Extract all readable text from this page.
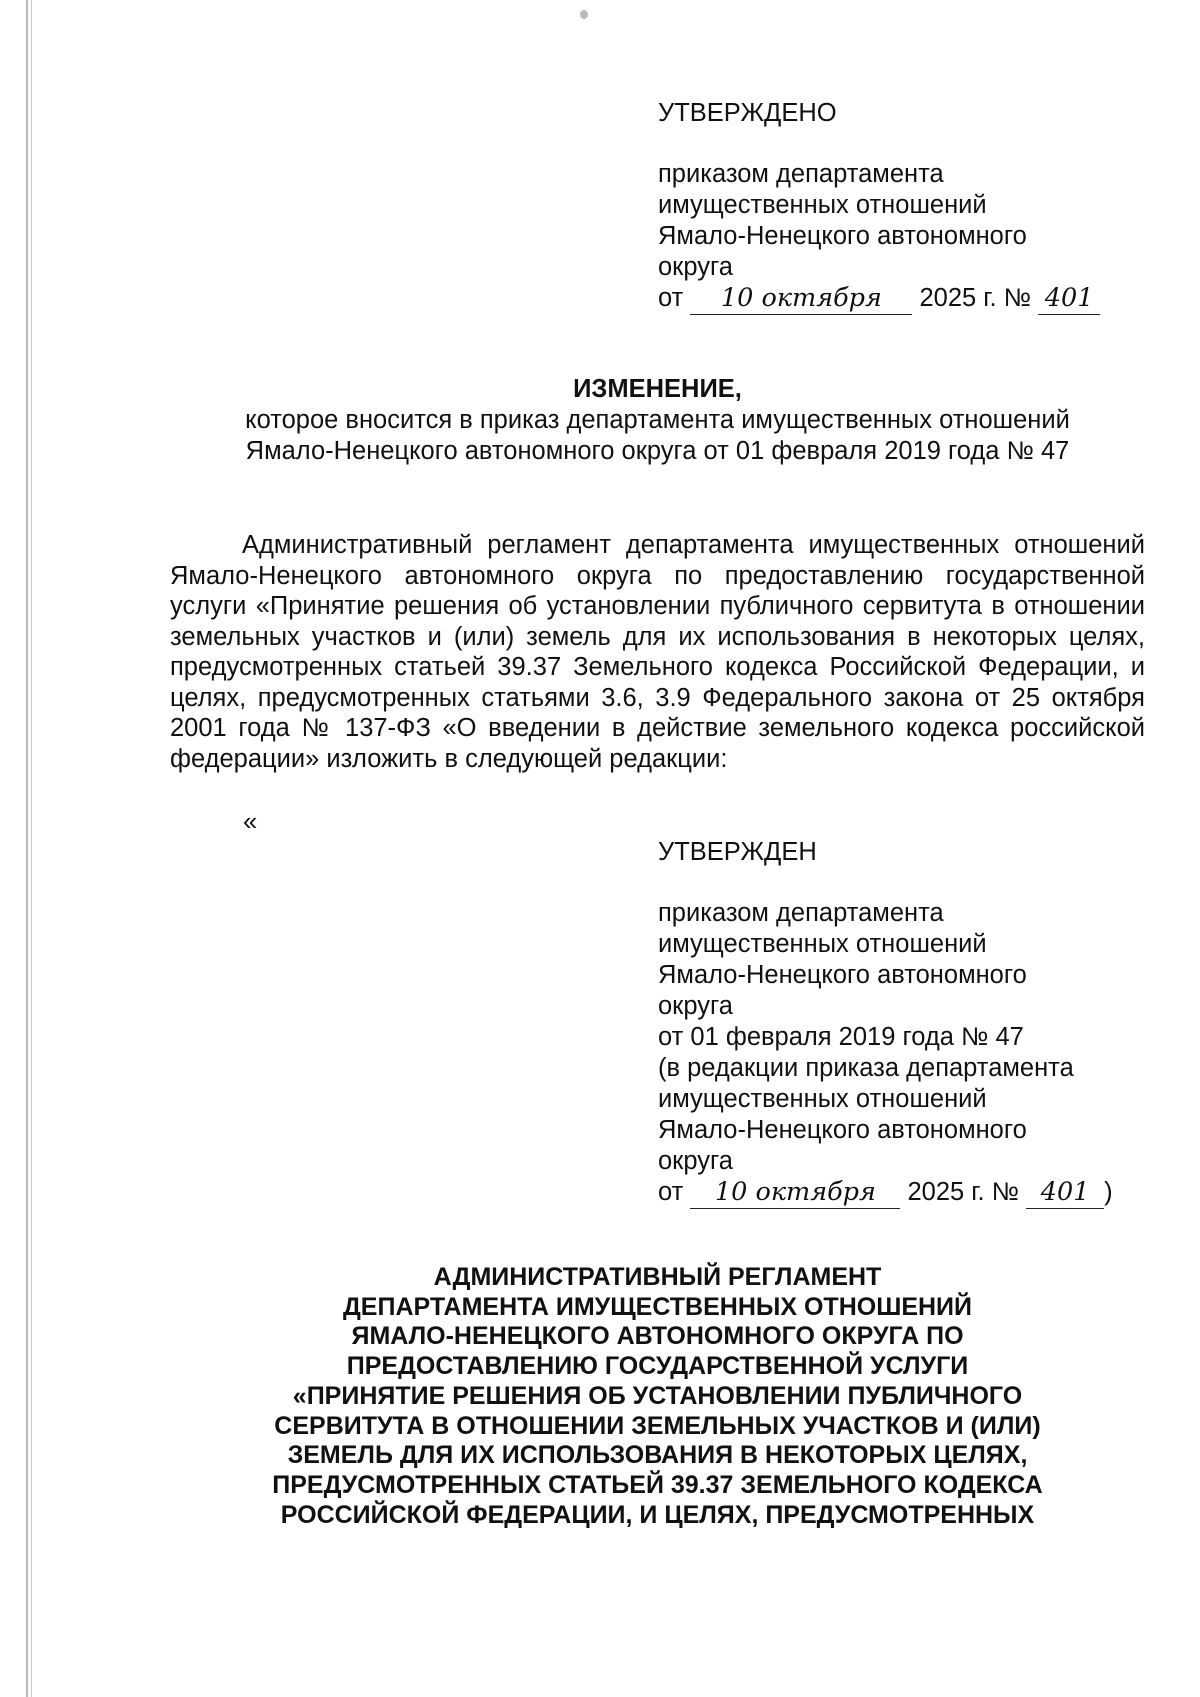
УТВЕРЖДЕНО
приказом департамента
имущественных отношений
Ямало-Ненецкого автономного
округа
от 10 октября 2025 г. № 401
ИЗМЕНЕНИЕ,
которое вносится в приказ департамента имущественных отношений
Ямало-Ненецкого автономного округа от 01 февраля 2019 года № 47

Административный регламент департамента имущественных отношений Ямало-Ненецкого автономного округа по предоставлению государственной услуги «Принятие решения об установлении публичного сервитута в отношении земельных участков и (или) земель для их использования в некоторых целях, предусмотренных статьей 39.37 Земельного кодекса Российской Федерации, и целях, предусмотренных статьями 3.6, 3.9 Федерального закона от 25 октября 2001 года № 137-ФЗ «О введении в действие земельного кодекса российской федерации» изложить в следующей редакции:

«
УТВЕРЖДЕН
приказом департамента
имущественных отношений
Ямало-Ненецкого автономного
округа
от 01 февраля 2019 года № 47
(в редакции приказа департамента
имущественных отношений
Ямало-Ненецкого автономного
округа
от 10 октября 2025 г. № 401 )
АДМИНИСТРАТИВНЫЙ РЕГЛАМЕНТ
ДЕПАРТАМЕНТА ИМУЩЕСТВЕННЫХ ОТНОШЕНИЙ
ЯМАЛО-НЕНЕЦКОГО АВТОНОМНОГО ОКРУГА ПО
ПРЕДОСТАВЛЕНИЮ ГОСУДАРСТВЕННОЙ УСЛУГИ
«ПРИНЯТИЕ РЕШЕНИЯ ОБ УСТАНОВЛЕНИИ ПУБЛИЧНОГО
СЕРВИТУТА В ОТНОШЕНИИ ЗЕМЕЛЬНЫХ УЧАСТКОВ И (ИЛИ)
ЗЕМЕЛЬ ДЛЯ ИХ ИСПОЛЬЗОВАНИЯ В НЕКОТОРЫХ ЦЕЛЯХ,
ПРЕДУСМОТРЕННЫХ СТАТЬЕЙ 39.37 ЗЕМЕЛЬНОГО КОДЕКСА
РОССИЙСКОЙ ФЕДЕРАЦИИ, И ЦЕЛЯХ, ПРЕДУСМОТРЕННЫХ
